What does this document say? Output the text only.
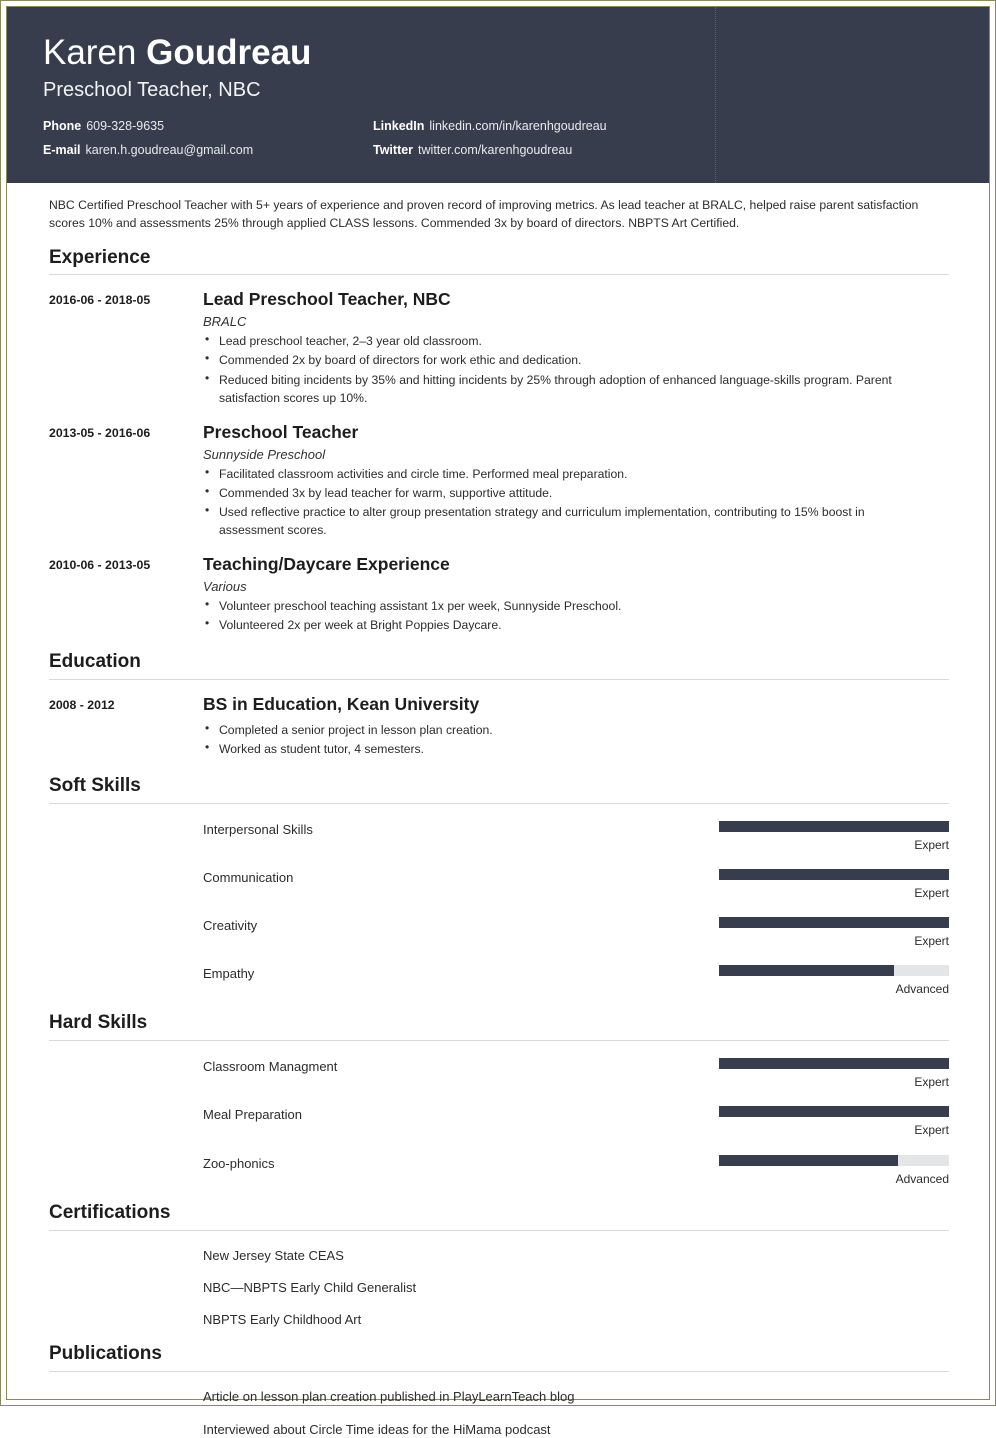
Karen Goudreau
Preschool Teacher, NBC
Phone 609-328-9635	LinkedIn linkedin.com/in/karenhgoudreau
E-mail karen.h.goudreau@gmail.com	Twitter twitter.com/karenhgoudreau

NBC Certified Preschool Teacher with 5+ years of experience and proven record of improving metrics. As lead teacher at BRALC, helped raise parent satisfaction scores 10% and assessments 25% through applied CLASS lessons. Commended 3x by board of directors. NBPTS Art Certified.

Experience
2016-06 - 2018-05	Lead Preschool Teacher, NBC
BRALC
• Lead preschool teacher, 2–3 year old classroom.
• Commended 2x by board of directors for work ethic and dedication.
• Reduced biting incidents by 35% and hitting incidents by 25% through adoption of enhanced language-skills program. Parent satisfaction scores up 10%.
2013-05 - 2016-06	Preschool Teacher
Sunnyside Preschool
• Facilitated classroom activities and circle time. Performed meal preparation.
• Commended 3x by lead teacher for warm, supportive attitude.
• Used reflective practice to alter group presentation strategy and curriculum implementation, contributing to 15% boost in assessment scores.
2010-06 - 2013-05	Teaching/Daycare Experience
Various
• Volunteer preschool teaching assistant 1x per week, Sunnyside Preschool.
• Volunteered 2x per week at Bright Poppies Daycare.
Education
2008 - 2012	BS in Education, Kean University
• Completed a senior project in lesson plan creation.
• Worked as student tutor, 4 semesters.
Soft Skills
Interpersonal Skills
Expert
Communication
Expert
Creativity
Expert
Empathy
Advanced
Hard Skills
Classroom Managment
Expert
Meal Preparation
Expert
Zoo-phonics
Advanced
Certifications
New Jersey State CEAS
NBC—NBPTS Early Child Generalist
NBPTS Early Childhood Art
Publications
Article on lesson plan creation published in PlayLearnTeach blog
Interviewed about Circle Time ideas for the HiMama podcast
